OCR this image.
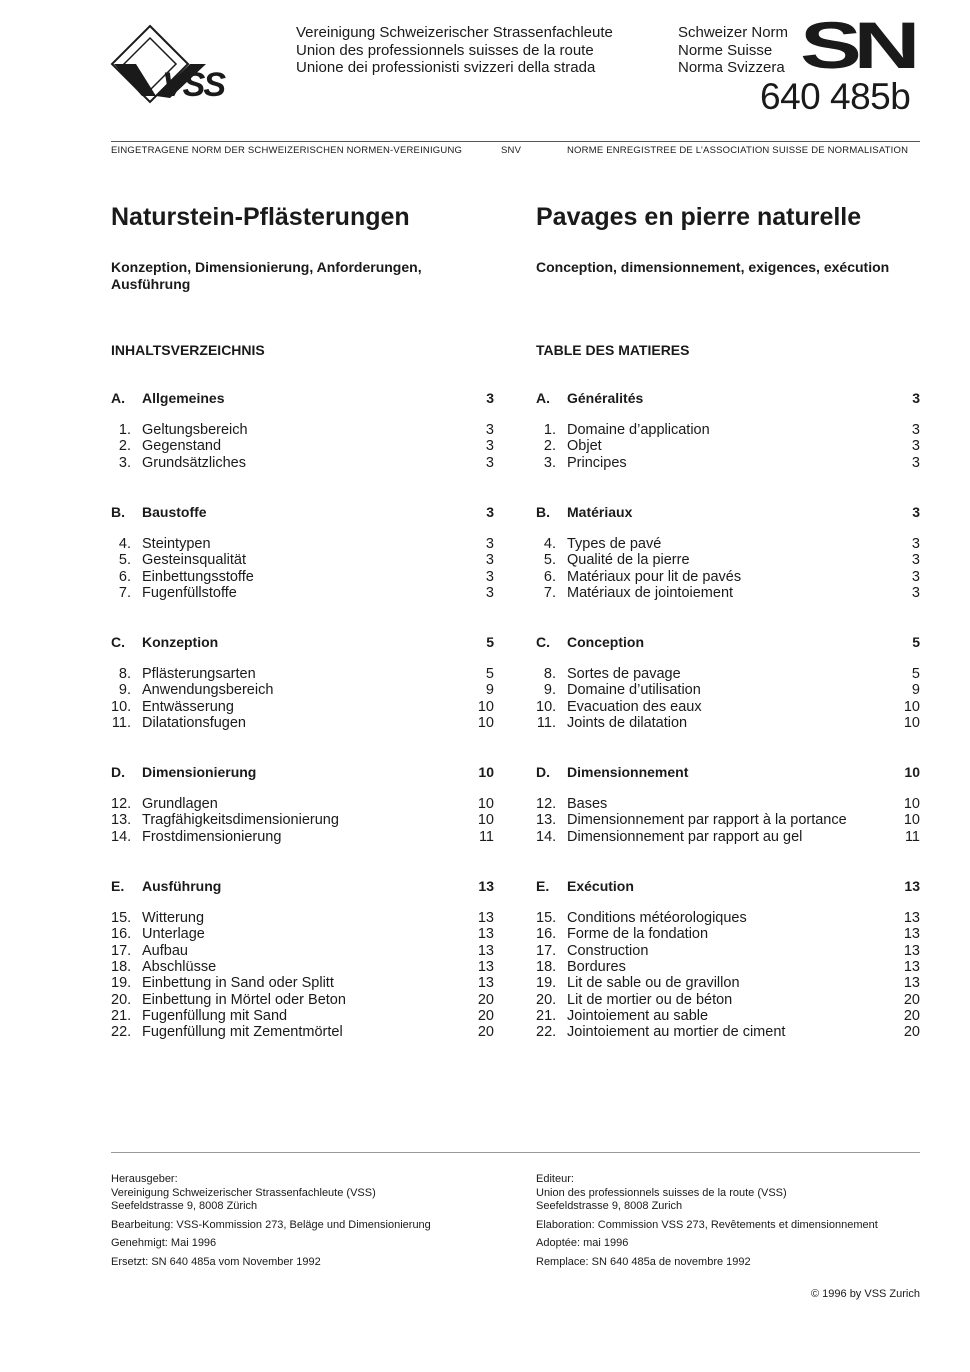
VSS
Vereinigung Schweizerischer Strassenfachleute
Union des professionnels suisses de la route
Unione dei professionisti svizzeri della strada
Schweizer Norm
Norme Suisse
Norma Svizzera SN
640 485b
EINGETRAGENE NORM DER SCHWEIZERISCHEN NORMEN-VEREINIGUNG	SNV	NORME ENREGISTREE DE L’ASSOCIATION SUISSE DE NORMALISATION
Naturstein-Pflästerungen
Konzeption, Dimensionierung, Anforderungen,
Ausführung
INHALTSVERZEICHNIS
A.	Allgemeines	3
1. Geltungsbereich	3
2. Gegenstand	3
3. Grundsätzliches	3
B.	Baustoffe	3
4. Steintypen	3
5. Gesteinsqualität	3
6. Einbettungsstoffe	3
7. Fugenfüllstoffe	3
C.	Konzeption	5
8. Pflästerungsarten	5
9. Anwendungsbereich	9
10. Entwässerung	10
11. Dilatationsfugen	10
D.	Dimensionierung	10
12. Grundlagen	10
13. Tragfähigkeitsdimensionierung	10
14. Frostdimensionierung	11
E.	Ausführung	13
15. Witterung	13
16. Unterlage	13
17. Aufbau	13
18. Abschlüsse	13
19. Einbettung in Sand oder Splitt	13
20. Einbettung in Mörtel oder Beton	20
21. Fugenfüllung mit Sand	20
22. Fugenfüllung mit Zementmörtel	20

Herausgeber:

Vereinigung Schweizerischer Strassenfachleute (VSS)

Seefeldstrasse 9, 8008 Zürich

Bearbeitung: VSS-Kommission 273, Beläge und Dimensionierung

Genehmigt: Mai 1996

Ersetzt: SN 640 485a vom November 1992

Pavages en pierre naturelle
Conception, dimensionnement, exigences, exécution
TABLE DES MATIERES
A.	Généralités	3
1. Domaine d’application	3
2. Objet	3
3. Principes	3
B.	Matériaux	3
4. Types de pavé	3
5. Qualité de la pierre	3
6. Matériaux pour lit de pavés	3
7. Matériaux de jointoiement	3
C.	Conception	5
8. Sortes de pavage	5
9. Domaine d’utilisation	9
10. Evacuation des eaux	10
11. Joints de dilatation	10
D.	Dimensionnement	10
12. Bases	10
13. Dimensionnement par rapport à la portance	10
14. Dimensionnement par rapport au gel	11
E.	Exécution	13
15. Conditions météorologiques	13
16. Forme de la fondation	13
17. Construction	13
18. Bordures	13
19. Lit de sable ou de gravillon	13
20. Lit de mortier ou de béton	20
21. Jointoiement au sable	20
22. Jointoiement au mortier de ciment	20

Editeur:

Union des professionnels suisses de la route (VSS)

Seefeldstrasse 9, 8008 Zurich

Elaboration: Commission VSS 273, Revêtements et dimensionnement

Adoptée: mai 1996

Remplace: SN 640 485a de novembre 1992

© 1996 by VSS Zurich
